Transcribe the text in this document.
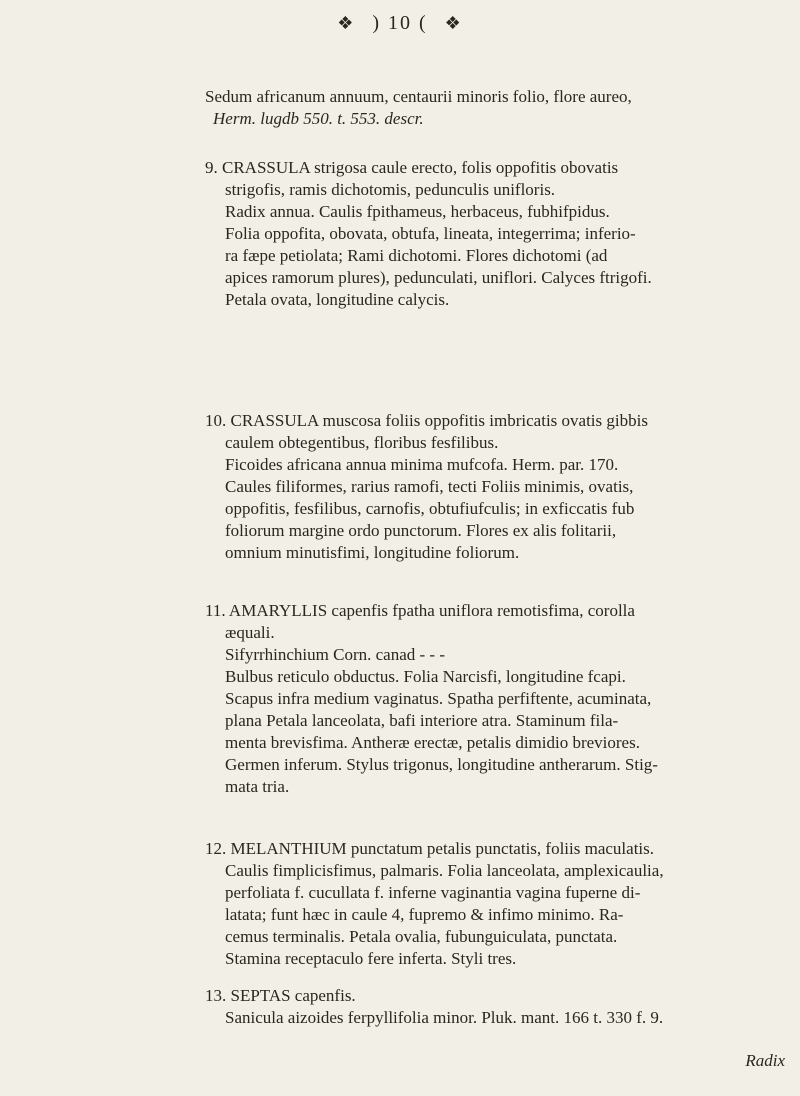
❖ ) 10 ( ❖
Sedum africanum annuum, centaurii minoris folio, flore aureo,
Herm. lugdb 550. t. 553. descr.
9. CRASSULA strigosa caule erecto, folis oppofitis obovatis
strigofis, ramis dichotomis, pedunculis unifloris.
Radix annua. Caulis fpithameus, herbaceus, fubhifpidus.
Folia oppofita, obovata, obtufa, lineata, integerrima; inferio-
ra fæpe petiolata; Rami dichotomi. Flores dichotomi (ad
apices ramorum plures), pedunculati, uniflori. Calyces ftrigofi.
Petala ovata, longitudine calycis.
10. CRASSULA muscosa foliis oppofitis imbricatis ovatis gibbis
caulem obtegentibus, floribus fesfilibus.
Ficoides africana annua minima mufcofa. Herm. par. 170.
Caules filiformes, rarius ramofi, tecti Foliis minimis, ovatis,
oppofitis, fesfilibus, carnofis, obtufiufculis; in exficcatis fub
foliorum margine ordo punctorum. Flores ex alis folitarii,
omnium minutisfimi, longitudine foliorum.
11. AMARYLLIS capenfis fpatha uniflora remotisfima, corolla
æquali.
Sifyrrhinchium Corn. canad - - -
Bulbus reticulo obductus. Folia Narcisfi, longitudine fcapi.
Scapus infra medium vaginatus. Spatha perfiftente, acuminata,
plana Petala lanceolata, bafi interiore atra. Staminum fila-
menta brevisfima. Antheræ erectæ, petalis dimidio breviores.
Germen inferum. Stylus trigonus, longitudine antherarum. Stig-
mata tria.
12. MELANTHIUM punctatum petalis punctatis, foliis maculatis.
Caulis fimplicisfimus, palmaris. Folia lanceolata, amplexicaulia,
perfoliata f. cucullata f. inferne vaginantia vagina fuperne di-
latata; funt hæc in caule 4, fupremo & infimo minimo. Ra-
cemus terminalis. Petala ovalia, fubunguiculata, punctata.
Stamina receptaculo fere inferta. Styli tres.
13. SEPTAS capenfis.
Sanicula aizoides ferpyllifolia minor. Pluk. mant. 166 t. 330 f. 9.
Radix
